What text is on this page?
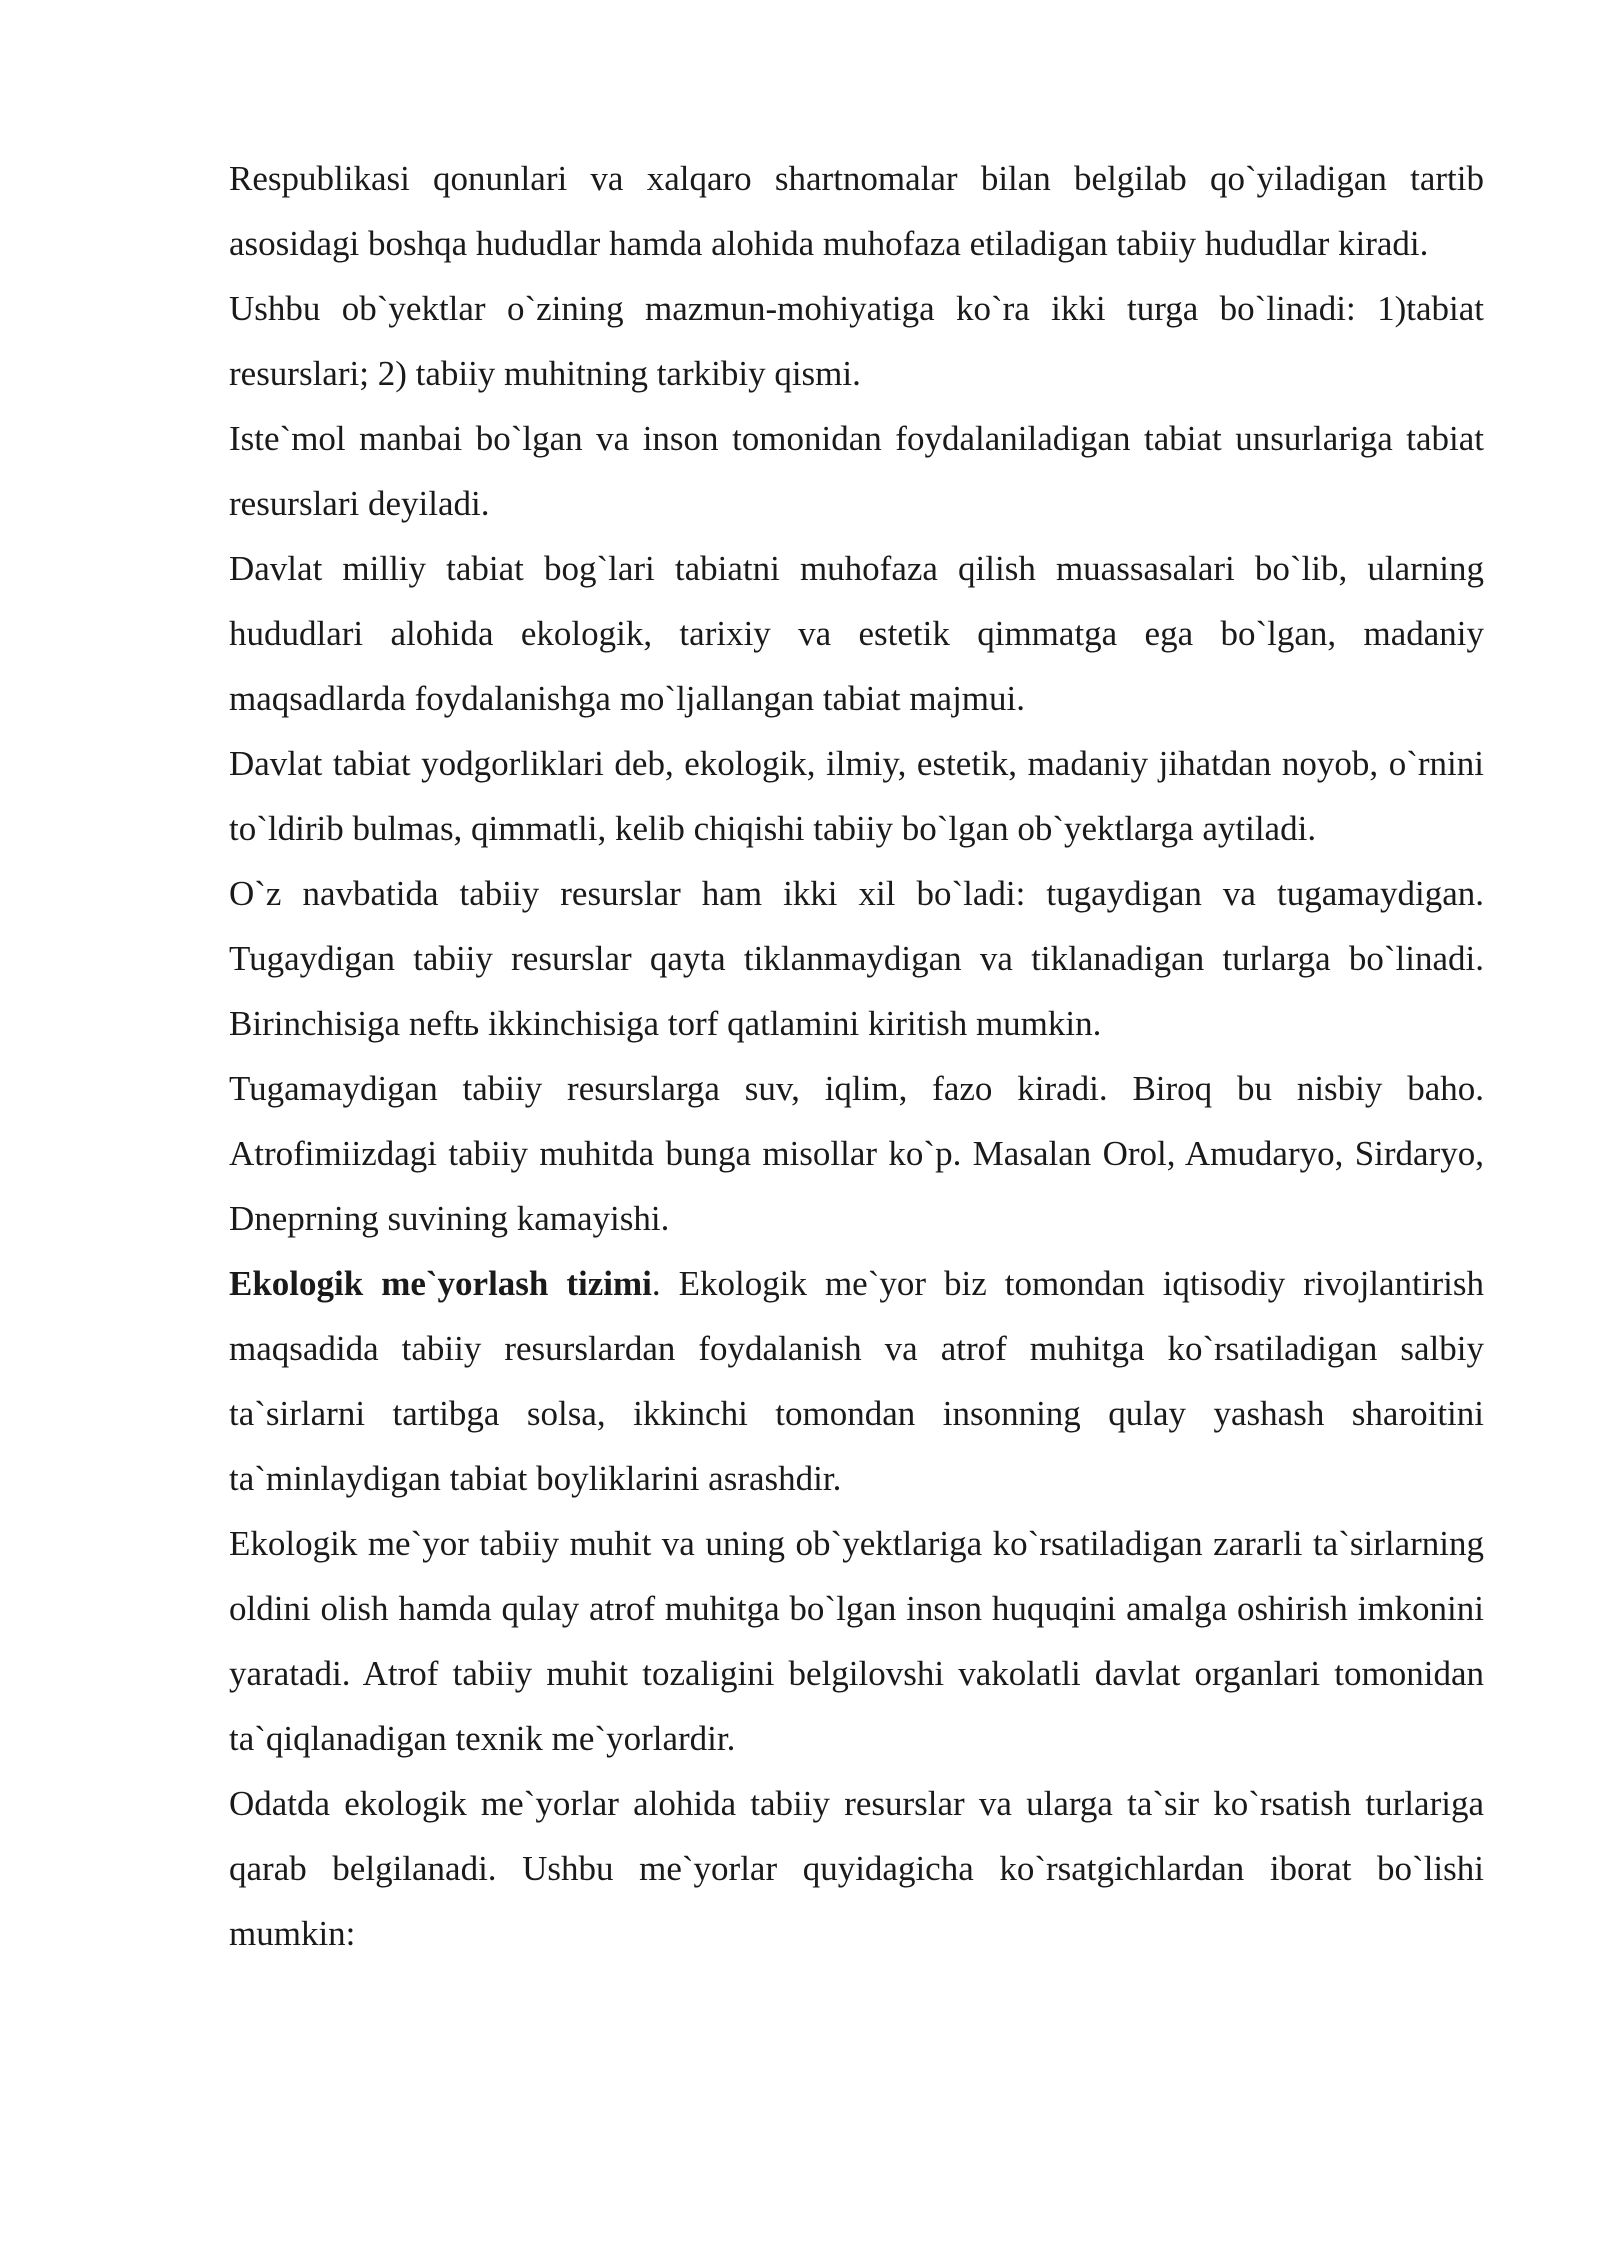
Respublikasi qonunlari va xalqaro shartnomalar bilan belgilab qo`yiladigan tartib asosidagi boshqa hududlar hamda alohida muhofaza etiladigan tabiiy hududlar kiradi.

Ushbu ob`yektlar o`zining mazmun-mohiyatiga ko`ra ikki turga bo`linadi: 1)tabiat resurslari; 2) tabiiy muhitning tarkibiy qismi.

Iste`mol manbai bo`lgan va inson tomonidan foydalaniladigan tabiat unsurlariga tabiat resurslari deyiladi.

Davlat milliy tabiat bog`lari tabiatni muhofaza qilish muassasalari bo`lib, ularning hududlari alohida ekologik, tarixiy va estetik qimmatga ega bo`lgan, madaniy maqsadlarda foydalanishga mo`ljallangan tabiat majmui.

Davlat tabiat yodgorliklari deb, ekologik, ilmiy, estetik, madaniy jihatdan noyob, o`rnini to`ldirib bulmas, qimmatli, kelib chiqishi tabiiy bo`lgan ob`yektlarga aytiladi.

O`z navbatida tabiiy resurslar ham ikki xil bo`ladi: tugaydigan va tugamaydigan. Tugaydigan tabiiy resurslar qayta tiklanmaydigan va tiklanadigan turlarga bo`linadi. Birinchisiga neftь ikkinchisiga torf qatlamini kiritish mumkin.

Tugamaydigan tabiiy resurslarga suv, iqlim, fazo kiradi. Biroq bu nisbiy baho. Atrofimiizdagi tabiiy muhitda bunga misollar ko`p. Masalan Orol, Amudaryo, Sirdaryo, Dneprning suvining kamayishi.

Ekologik me`yorlash tizimi. Ekologik me`yor biz tomondan iqtisodiy rivojlantirish maqsadida tabiiy resurslardan foydalanish va atrof muhitga ko`rsatiladigan salbiy ta`sirlarni tartibga solsa, ikkinchi tomondan insonning qulay yashash sharoitini ta`minlaydigan tabiat boyliklarini asrashdir.

Ekologik me`yor tabiiy muhit va uning ob`yektlariga ko`rsatiladigan zararli ta`sirlarning oldini olish hamda qulay atrof muhitga bo`lgan inson huquqini amalga oshirish imkonini yaratadi. Atrof tabiiy muhit tozaligini belgilovshi vakolatli davlat organlari tomonidan ta`qiqlanadigan texnik me`yorlardir.

Odatda ekologik me`yorlar alohida tabiiy resurslar va ularga ta`sir ko`rsatish turlariga qarab belgilanadi. Ushbu me`yorlar quyidagicha ko`rsatgichlardan iborat bo`lishi mumkin:
